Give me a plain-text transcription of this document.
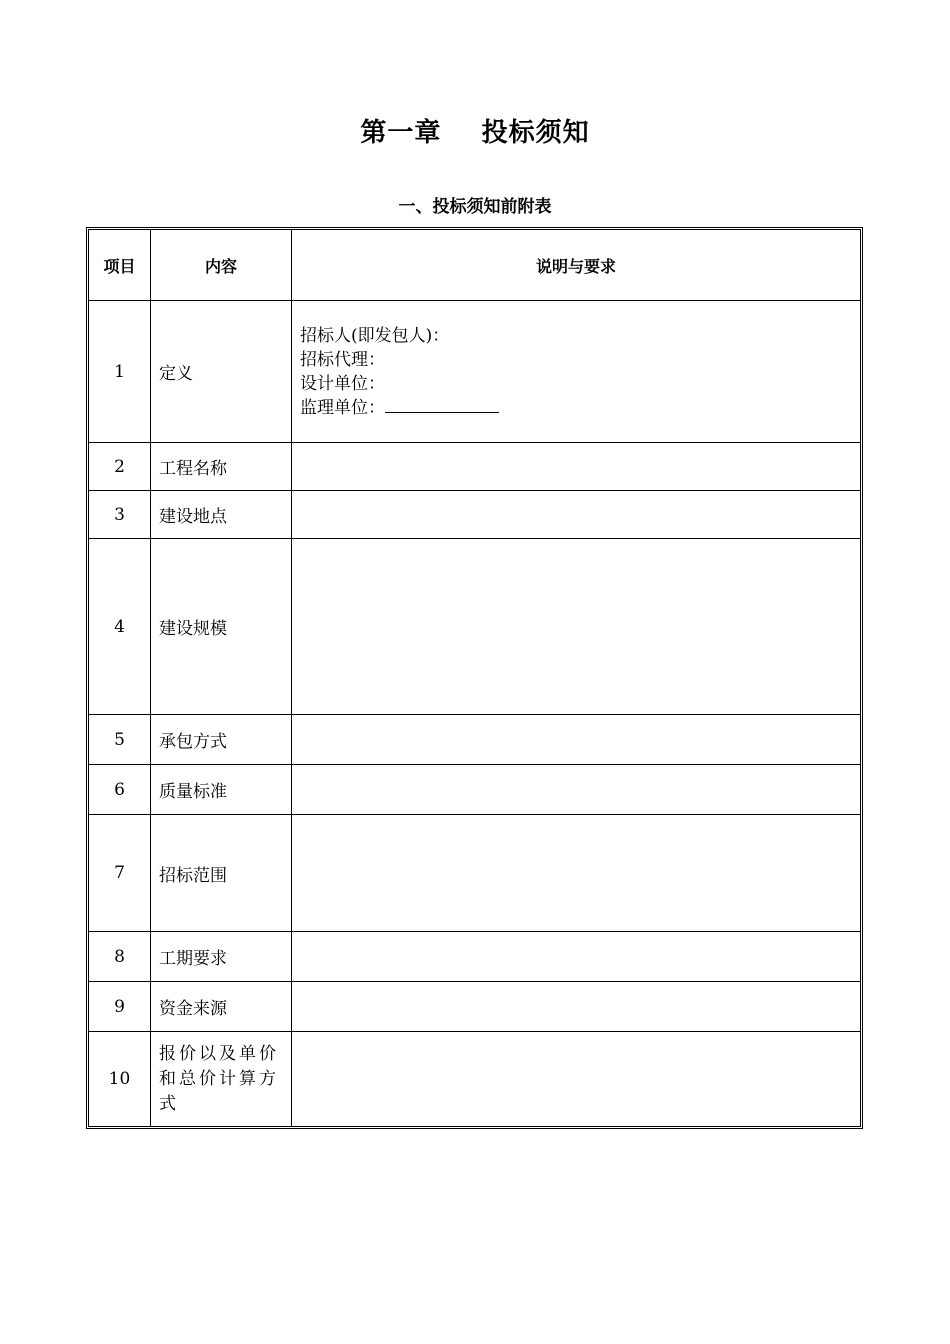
第一章    投标须知
一、投标须知前附表
项目	内容	说明与要求
1	定义	招标人(即发包人)：
招标代理：
设计单位：
监理单位：

2	工程名称	
3	建设地点	
4	建设规模	
5	承包方式	
6	质量标准	
7	招标范围	
8	工期要求	
9	资金来源	
10	报价以及单价和总价计算方式	
